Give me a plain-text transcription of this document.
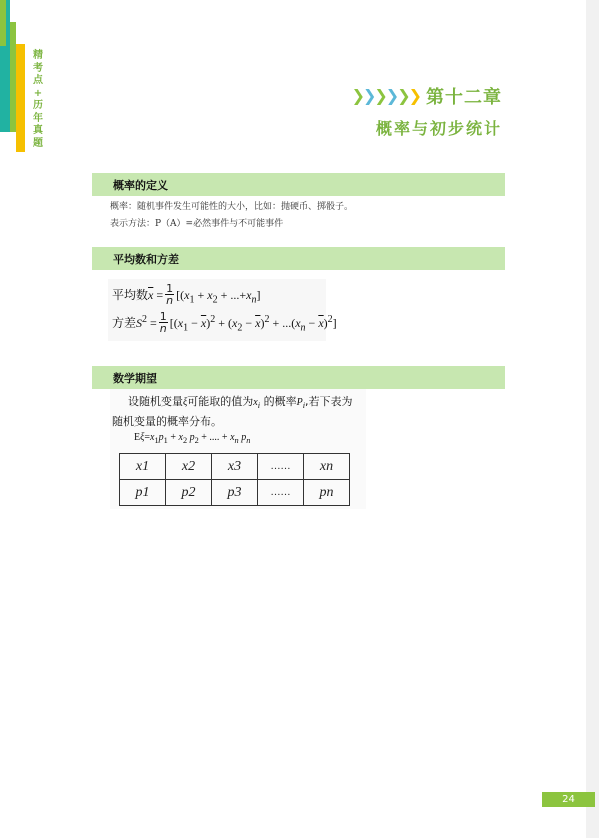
精
考
点
+
历
年
真
题
❯
❯
❯
❯
❯
❯ 第十二章
概率与初步统计
概率的定义
概率：随机事件发生可能性的大小，比如：抛硬币、掷骰子。
表示方法：P（A）=必然事件与不可能事件
平均数和方差
平均数$\overline{x} = \frac{1}{n} [(x_1 + x_2 + ...+x_n]$
方差$S^2 = \frac{1}{n} [(x_1 - \overline{x})^2 + (x_2 - \overline{x})^2 + ...(x_n - \overline{x})^2]$
数学期望
设随机变量ξ可能取的值为$x_i$ 的概率$P_i$,若下表为
随机变量的概率分布。
$E\xi=x_1p_1 + x_2$ $p_2$ + .... + $x_n$ $p_n$
x1	x2	x3	……	xn
p1	p2	p3	……	pn
24
